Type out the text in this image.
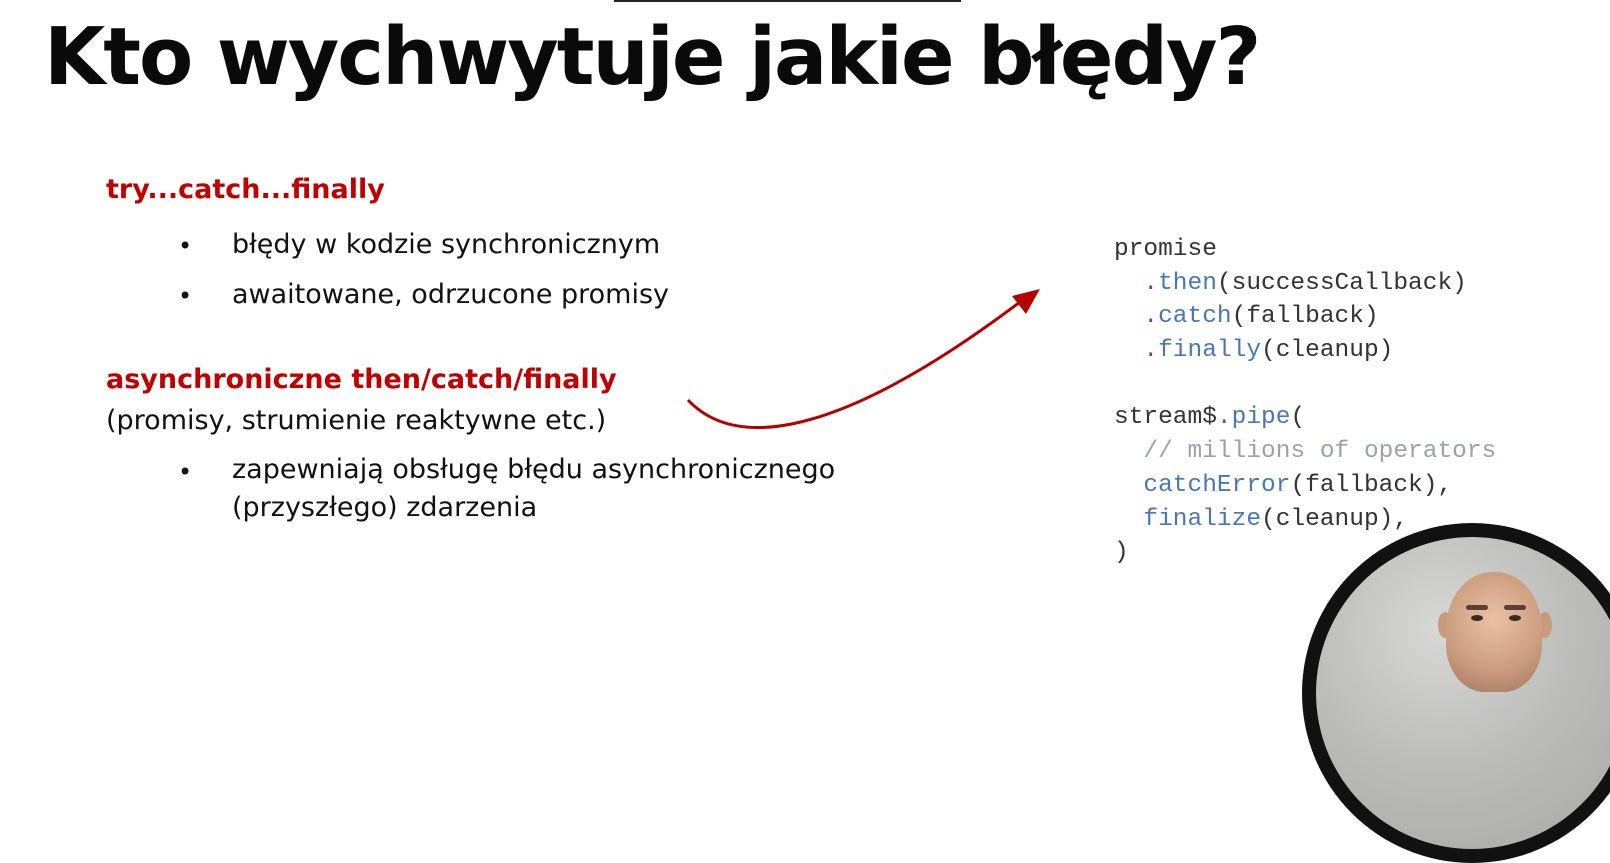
Kto wychwytuje jakie błędy?
try...catch...finally
• błędy w kodzie synchronicznym
• awaitowane, odrzucone promisy
asynchroniczne then/catch/finally
(promisy, strumienie reaktywne etc.)
• zapewniają obsługę błędu asynchronicznego
(przyszłego) zdarzenia
promise
.then(successCallback)
.catch(fallback)
.finally(cleanup)

stream$.pipe(
// millions of operators
catchError(fallback),
finalize(cleanup),
)
